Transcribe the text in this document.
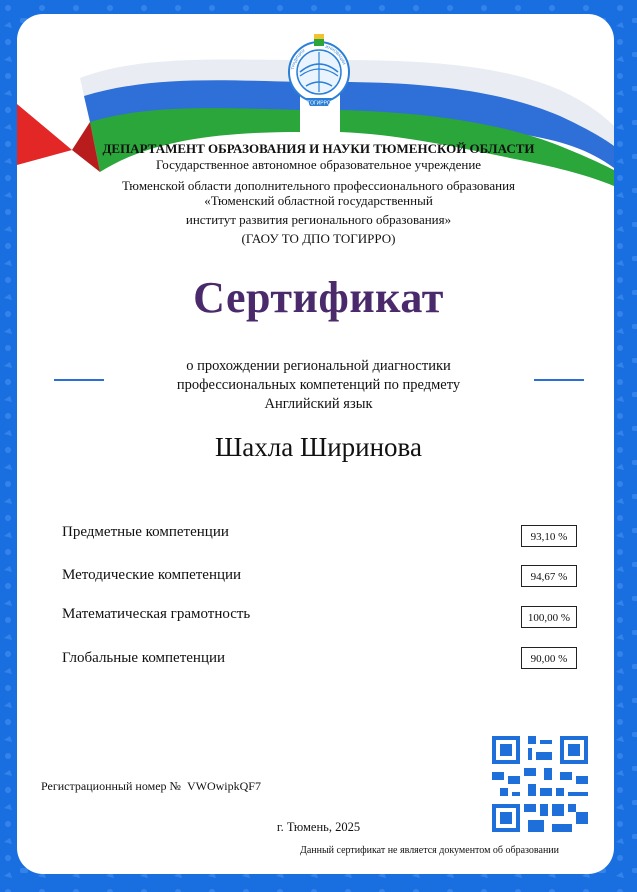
ТОГИРРО
ТРАДИЦИИ
ИННОВАЦИИ
ДЕПАРТАМЕНТ ОБРАЗОВАНИЯ И НАУКИ ТЮМЕНСКОЙ ОБЛАСТИ
Государственное автономное образовательное учреждение
Тюменской области дополнительного профессионального образования
«Тюменский областной государственный
институт развития регионального образования»
(ГАОУ ТО ДПО ТОГИРРО)
Сертификат
о прохождении региональной диагностики
профессиональных компетенций по предмету
Английский язык
Шахла Ширинова
Предметные компетенции	93,10 %
Методические компетенции	94,67 %
Математическая грамотность	100,00 %
Глобальные компетенции	90,00 %
Регистрационный номер № VWOwipkQF7
г. Тюмень, 2025
Данный сертификат не является документом об образовании
